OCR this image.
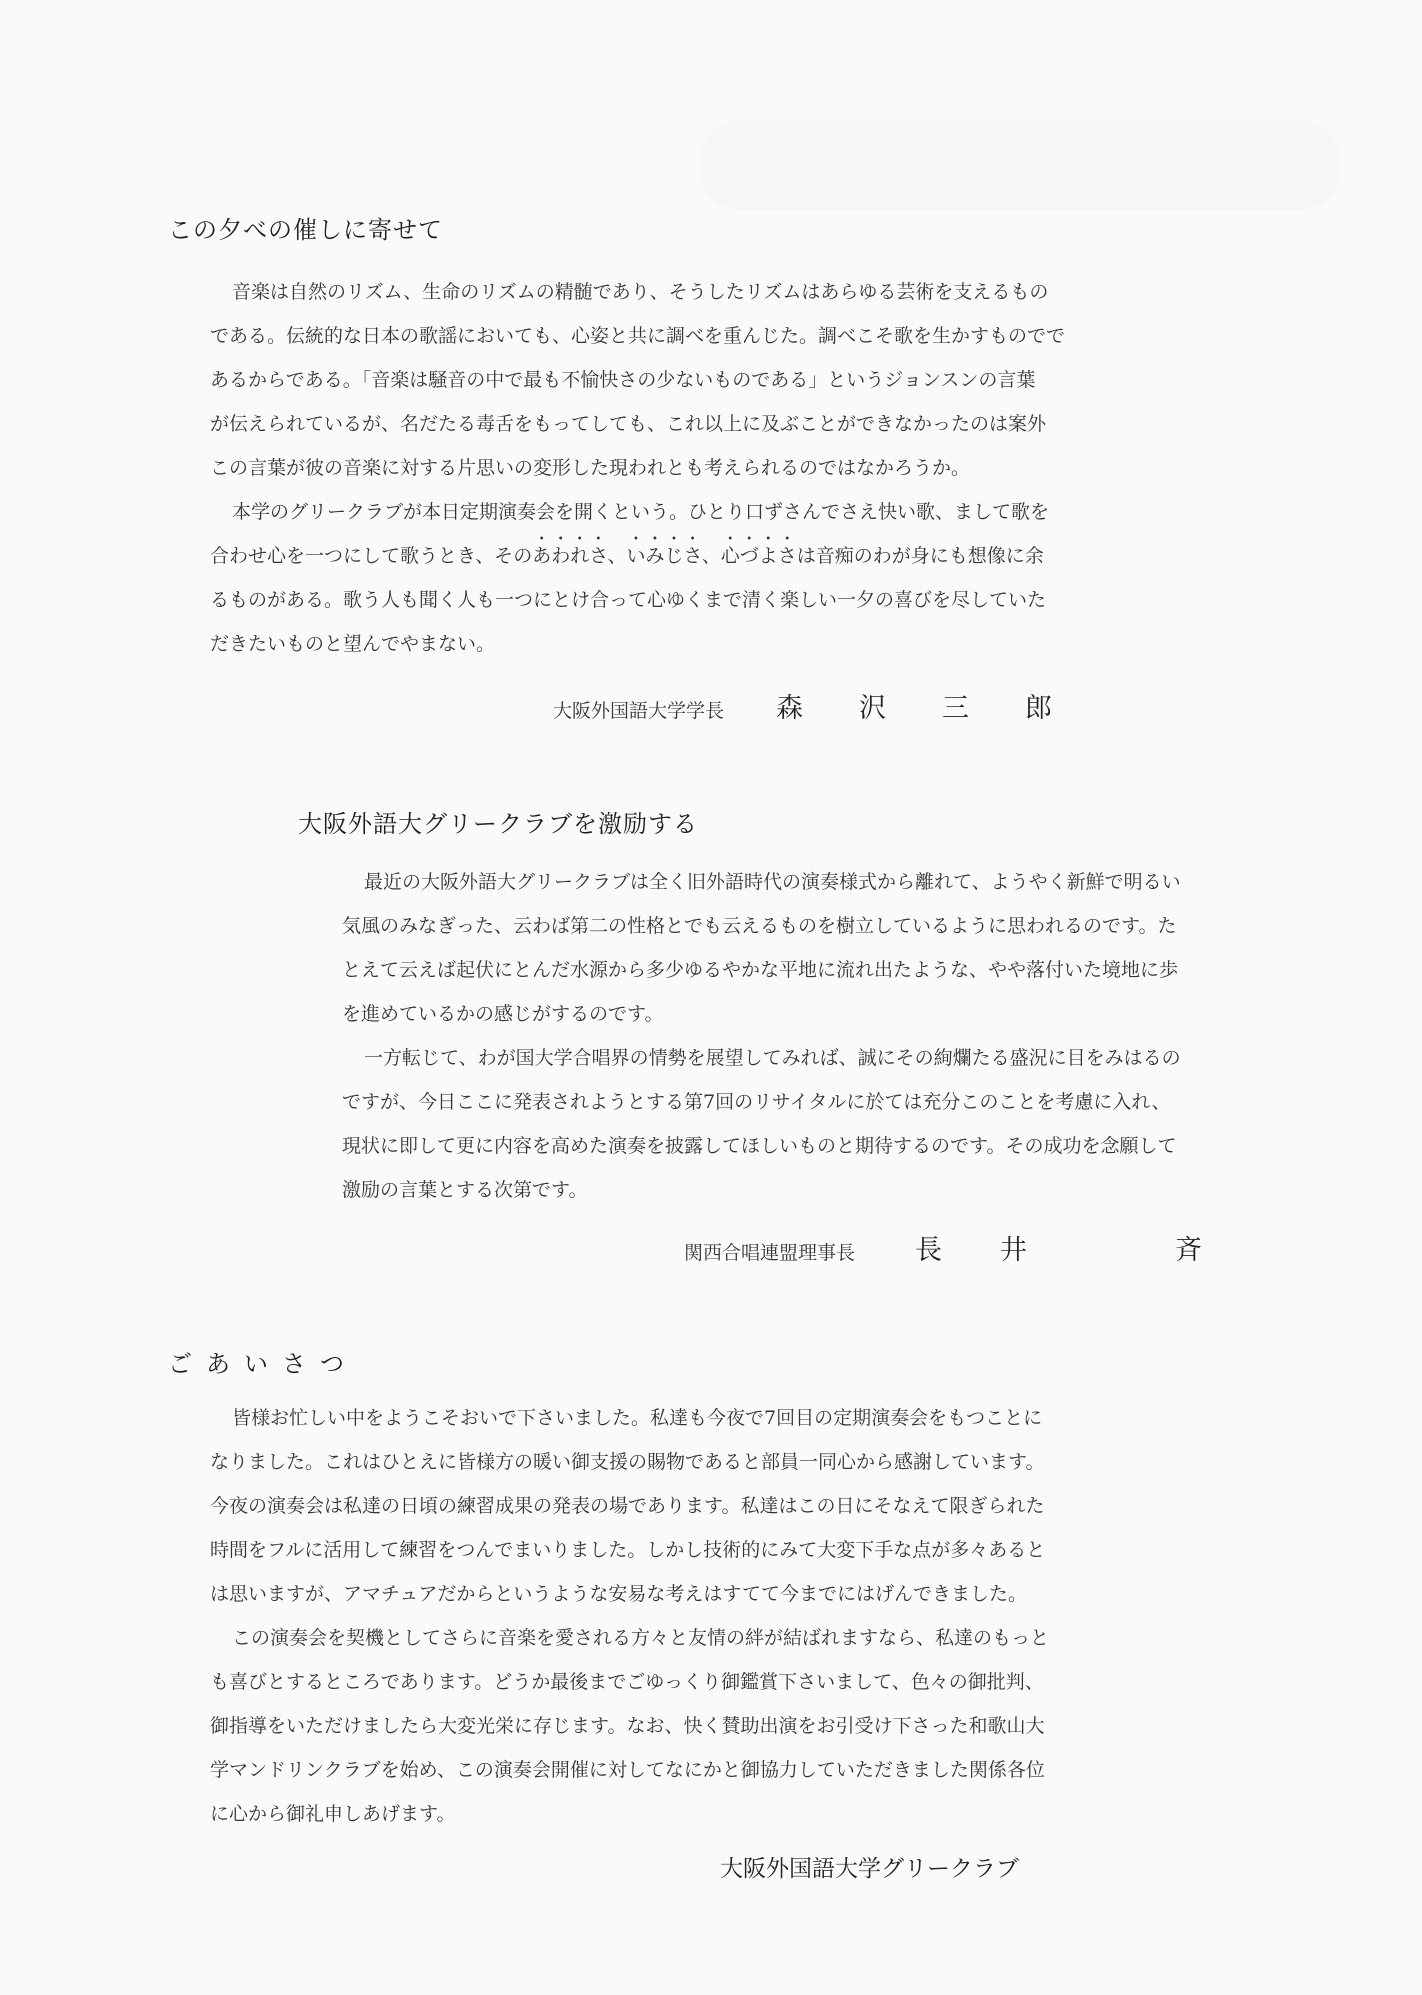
この夕べの催しに寄せて

音楽は自然のリズム、生命のリズムの精髄であり、そうしたリズムはあらゆる芸術を支えるもの

である。伝統的な日本の歌謡においても、心姿と共に調べを重んじた。調べこそ歌を生かすものでで

あるからである。「音楽は騒音の中で最も不愉快さの少ないものである」というジョンスンの言葉

が伝えられているが、名だたる毒舌をもってしても、これ以上に及ぶことができなかったのは案外

この言葉が彼の音楽に対する片思いの変形した現われとも考えられるのではなかろうか。

本学のグリークラブが本日定期演奏会を開くという。ひとり口ずさんでさえ快い歌、まして歌を

合わせ心を一つにして歌うとき、そのあわれさ、いみじさ、心づよさは音痴のわが身にも想像に余

るものがある。歌う人も聞く人も一つにとけ合って心ゆくまで清く楽しい一夕の喜びを尽していた

だきたいものと望んでやまない。

大阪外国語大学学長 森沢三郎
大阪外語大グリークラブを激励する

最近の大阪外語大グリークラブは全く旧外語時代の演奏様式から離れて、ようやく新鮮で明るい

気風のみなぎった、云わば第二の性格とでも云えるものを樹立しているように思われるのです。た

とえて云えば起伏にとんだ水源から多少ゆるやかな平地に流れ出たような、やや落付いた境地に歩

を進めているかの感じがするのです。

一方転じて、わが国大学合唱界の情勢を展望してみれば、誠にその絢爛たる盛況に目をみはるの

ですが、今日ここに発表されようとする第7回のリサイタルに於ては充分このことを考慮に入れ、

現状に即して更に内容を高めた演奏を披露してほしいものと期待するのです。その成功を念願して

激励の言葉とする次第です。

関西合唱連盟理事長 長 井	斉
ごあいさつ

皆様お忙しい中をようこそおいで下さいました。私達も今夜で7回目の定期演奏会をもつことに

なりました。これはひとえに皆様方の暖い御支援の賜物であると部員一同心から感謝しています。

今夜の演奏会は私達の日頃の練習成果の発表の場であります。私達はこの日にそなえて限ぎられた

時間をフルに活用して練習をつんでまいりました。しかし技術的にみて大変下手な点が多々あると

は思いますが、アマチュアだからというような安易な考えはすてて今までにはげんできました。

この演奏会を契機としてさらに音楽を愛される方々と友情の絆が結ばれますなら、私達のもっと

も喜びとするところであります。どうか最後までごゆっくり御鑑賞下さいまして、色々の御批判、

御指導をいただけましたら大変光栄に存じます。なお、快く賛助出演をお引受け下さった和歌山大

学マンドリンクラブを始め、この演奏会開催に対してなにかと御協力していただきました関係各位

に心から御礼申しあげます。

大阪外国語大学グリークラブ
